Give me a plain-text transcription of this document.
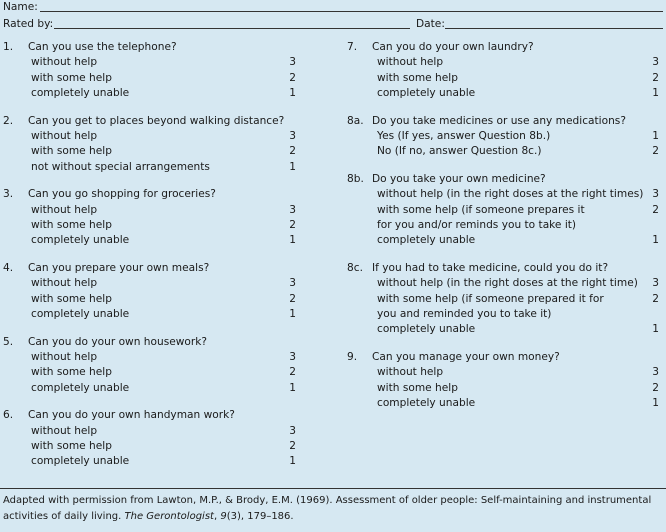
Name:
Rated by:	Date:
1. Can you use the telephone?
without help	3
with some help	2
completely unable	1
2. Can you get to places beyond walking distance?
without help	3
with some help	2
not without special arrangements	1
3. Can you go shopping for groceries?
without help	3
with some help	2
completely unable	1
4. Can you prepare your own meals?
without help	3
with some help	2
completely unable	1
5. Can you do your own housework?
without help	3
with some help	2
completely unable	1
6. Can you do your own handyman work?
without help	3
with some help	2
completely unable	1
7. Can you do your own laundry?
without help	3
with some help	2
completely unable	1
8a. Do you take medicines or use any medications?
Yes (If yes, answer Question 8b.)	1
No (If no, answer Question 8c.)	2
8b. Do you take your own medicine?
without help (in the right doses at the right times) 3
with some help (if someone prepares it	2
for you and/or reminds you to take it)
completely unable	1
8c. If you had to take medicine, could you do it?
without help (in the right doses at the right time)	3
with some help (if someone prepared it for	2
you and reminded you to take it)
completely unable	1
9. Can you manage your own money?
without help	3
with some help	2
completely unable	1
Adapted with permission from Lawton, M.P., & Brody, E.M. (1969). Assessment of older people: Self-maintaining and instrumental activities of daily living. The Gerontologist, 9(3), 179–186.
